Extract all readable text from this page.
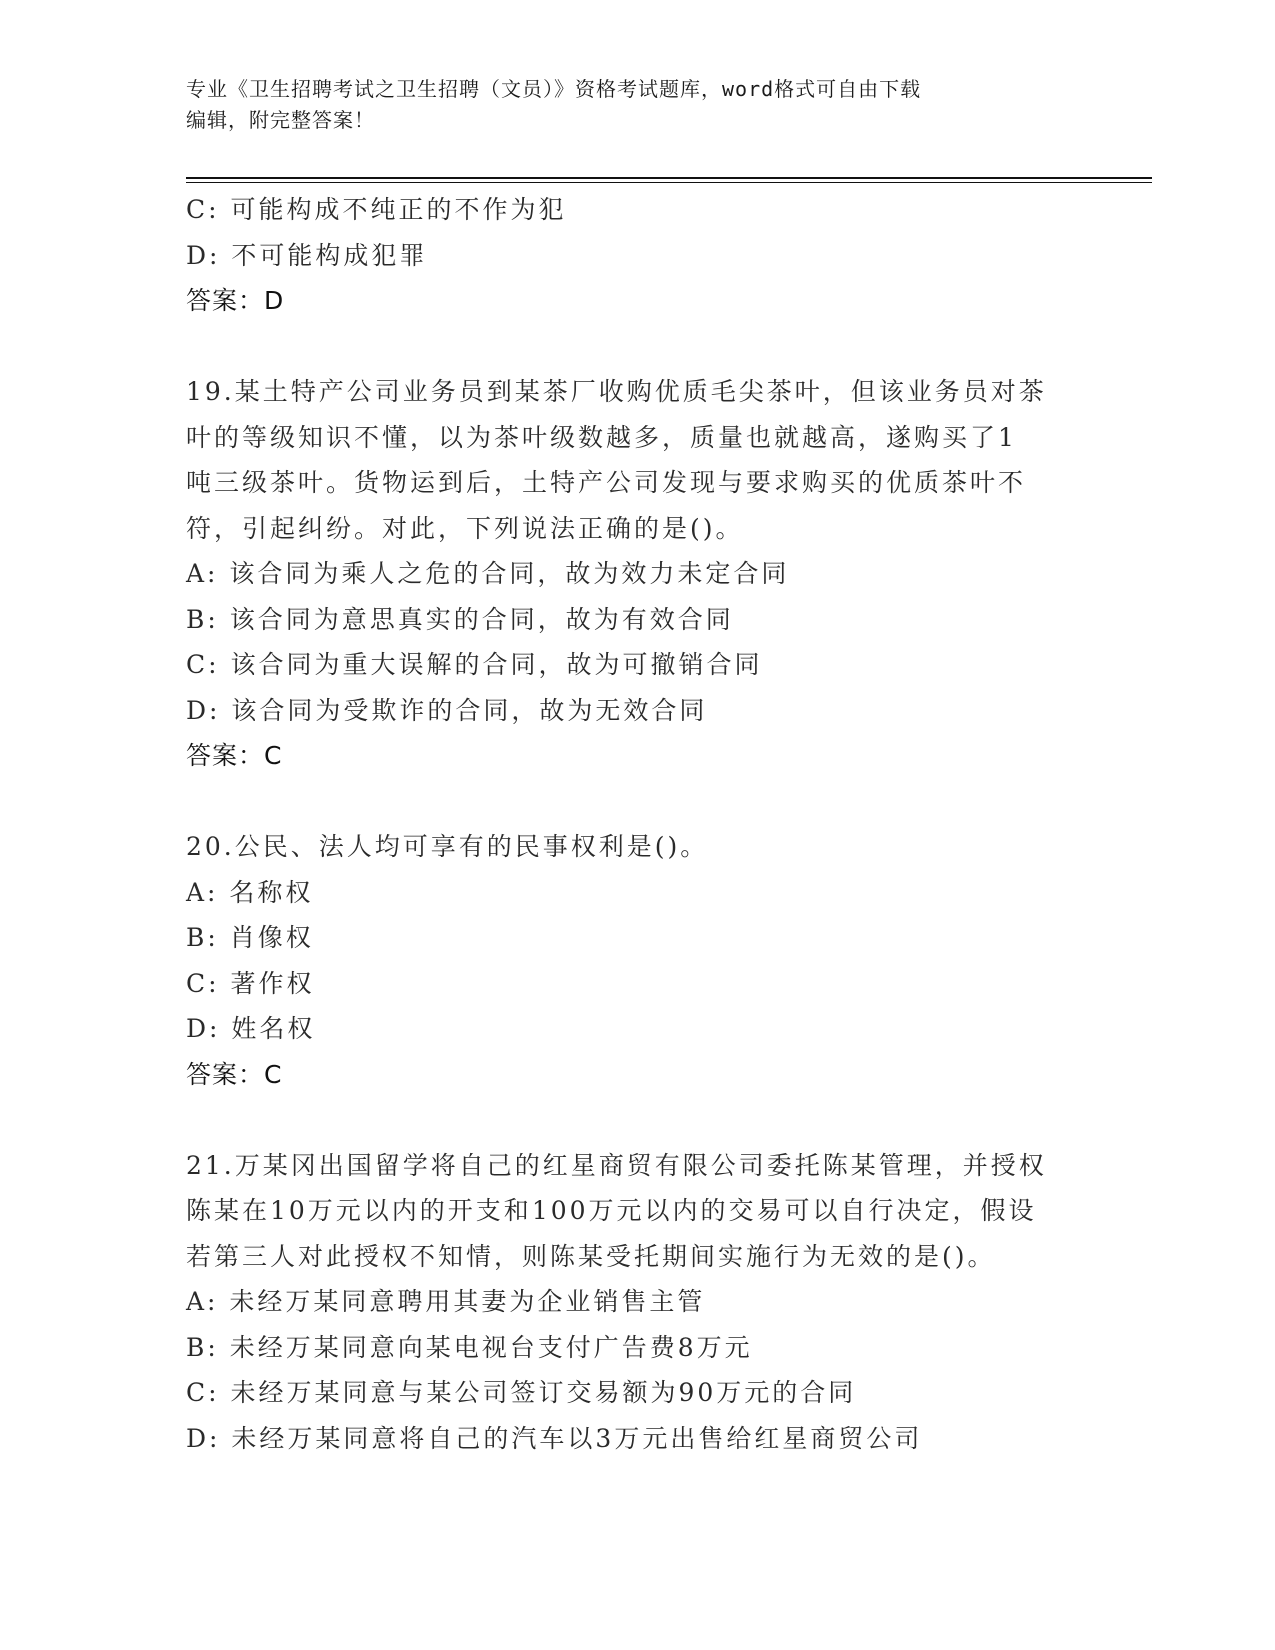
专业《卫生招聘考试之卫生招聘（文员）》资格考试题库，word格式可自由下载
编辑，附完整答案！
C: 可能构成不纯正的不作为犯
D: 不可能构成犯罪
答案：D
19.某土特产公司业务员到某茶厂收购优质毛尖茶叶，但该业务员对茶
叶的等级知识不懂，以为茶叶级数越多，质量也就越高，遂购买了1
吨三级茶叶。货物运到后，土特产公司发现与要求购买的优质茶叶不
符，引起纠纷。对此，下列说法正确的是()。
A: 该合同为乘人之危的合同，故为效力未定合同
B: 该合同为意思真实的合同，故为有效合同
C: 该合同为重大误解的合同，故为可撤销合同
D: 该合同为受欺诈的合同，故为无效合同
答案：C
20.公民、法人均可享有的民事权利是()。
A: 名称权
B: 肖像权
C: 著作权
D: 姓名权
答案：C
21.万某冈出国留学将自己的红星商贸有限公司委托陈某管理，并授权
陈某在10万元以内的开支和100万元以内的交易可以自行决定，假设
若第三人对此授权不知情，则陈某受托期间实施行为无效的是()。
A: 未经万某同意聘用其妻为企业销售主管
B: 未经万某同意向某电视台支付广告费8万元
C: 未经万某同意与某公司签订交易额为90万元的合同
D: 未经万某同意将自己的汽车以3万元出售给红星商贸公司
